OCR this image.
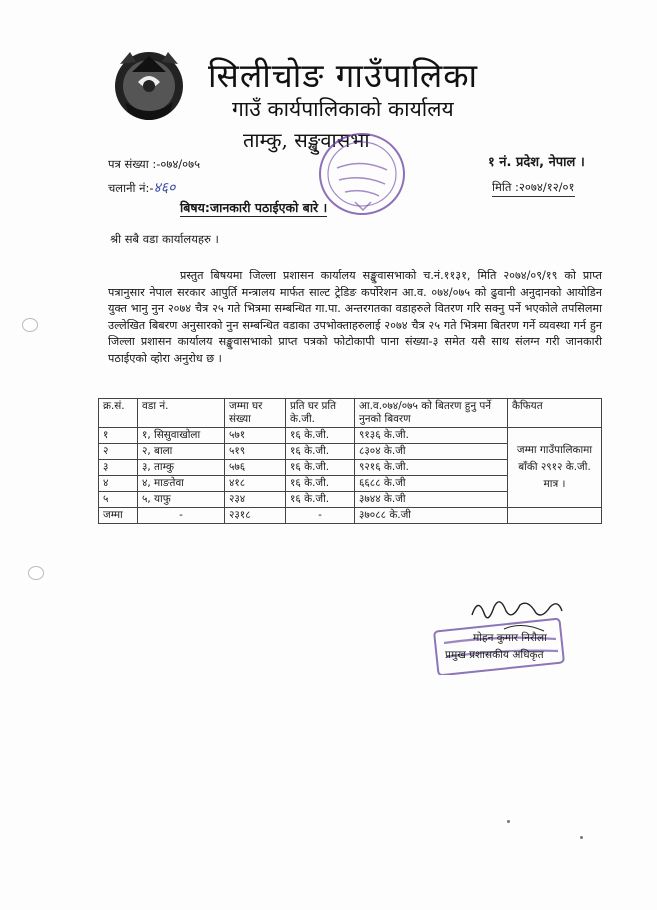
सिलीचोङ गाउँपालिका
गाउँ कार्यपालिकाको कार्यालय
ताम्कु, सङ्खुवासभा
१ नं. प्रदेश, नेपाल ।
पत्र संख्या :-०७४/०७५
चलानी नं:-४६०	मिति :२०७४/१२/०१
बिषय:जानकारी पठाईएको बारे ।
श्री सबै वडा कार्यालयहरु ।
प्रस्तुत बिषयमा जिल्ला प्रशासन कार्यालय सङ्खुवासभाको च.नं.११३१, मिति २०७४/०९/१९ को प्राप्त पत्रानुसार नेपाल सरकार आपुर्ति मन्त्रालय मार्फत साल्ट ट्रेडिङ कर्पोरेशन आ.व. ०७४/०७५ को ढुवानी अनुदानको आयोडिन युक्त भानु नुन २०७४ चैत्र २५ गते भित्रमा सम्बन्धित गा.पा. अन्तरगतका वडाहरुले वितरण गरि सक्नु पर्ने भएकोले तपसिलमा उल्लेखित बिबरण अनुसारको नुन सम्बन्धित वडाका उपभोक्ताहरुलाई २०७४ चैत्र २५ गते भित्रमा बितरण गर्ने व्यवस्था गर्न हुन जिल्ला प्रशासन कार्यालय सङ्खुवासभाको प्राप्त पत्रको फोटोकापी पाना संख्या-३ समेत यसै साथ संलग्न गरी जानकारी पठाईएको व्होरा अनुरोध छ ।
क्र.सं.	वडा नं.	जम्मा घर संख्या	प्रति घर प्रति के.जी.	आ.व.०७४/०७५ को बितरण हुनु पर्ने नुनको बिवरण	कैफियत
१	१, सिसुवाखोला	५७१	१६ के.जी.	९१३६ के.जी.	जम्मा गाउँपालिकामा बाँकी २९१२ के.जी. मात्र ।
२	२, बाला	५१९	१६ के.जी.	८३०४ के.जी	
३	३, ताम्कु	५७६	१६ के.जी.	९२१६ के.जी.	
४	४, माङतेवा	४१८	१६ के.जी.	६६८८ के.जी	
५	५, याफु	२३४	१६ के.जी.	३७४४ के.जी	
जम्मा	-	२३१८	-	३७०८८ के.जी	
मोहन कुमार निरौला
प्रमुख प्रशासकीय अधिकृत
